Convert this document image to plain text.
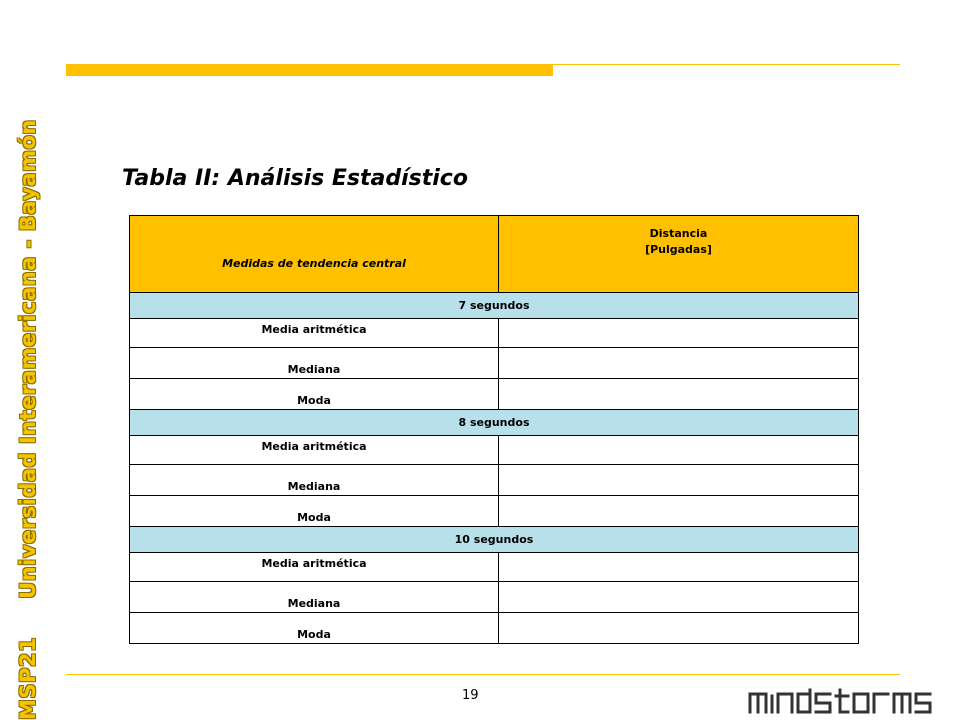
MSP21
Universidad Interamericana - Bayamón	Tabla II: Análisis Estadístico
Medidas de tendencia central	Distancia
[Pulgadas]

7 segundos	
Media aritmética	
Mediana	
Moda	
8 segundos	
Media aritmética	
Mediana	
Moda	
10 segundos	
Media aritmética	
Mediana	
Moda	
19
